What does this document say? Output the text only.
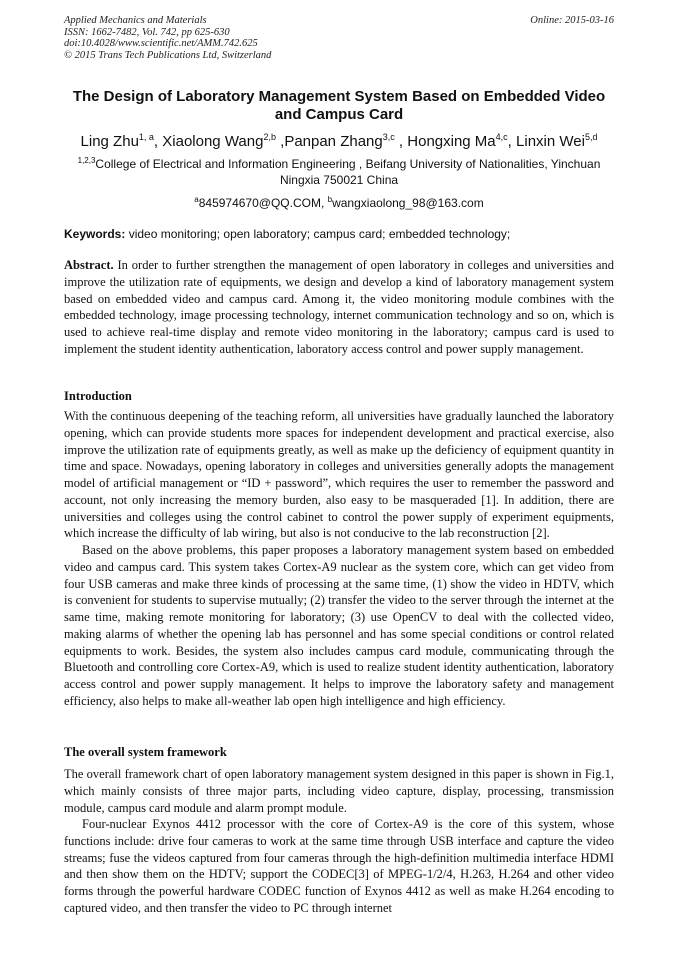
Applied Mechanics and Materials
ISSN: 1662-7482, Vol. 742, pp 625-630
doi:10.4028/www.scientific.net/AMM.742.625
© 2015 Trans Tech Publications Ltd, Switzerland
Online: 2015-03-16
The Design of Laboratory Management System Based on Embedded Video and Campus Card
Ling Zhu$^{1, a}$, Xiaolong Wang$^{2,b}$ ,Panpan Zhang$^{3,c}$ , Hongxing Ma$^{4,c}$, Linxin Wei$^{5,d}$
$^{1,2,3}$College of Electrical and Information Engineering , Beifang University of Nationalities, Yinchuan Ningxia 750021 China
$^a$845974670@QQ.COM, $^b$wangxiaolong_98@163.com
Keywords: video monitoring; open laboratory; campus card; embedded technology;
Abstract. In order to further strengthen the management of open laboratory in colleges and universities and improve the utilization rate of equipments, we design and develop a kind of laboratory management system based on embedded video and campus card. Among it, the video monitoring module combines with the embedded technology, image processing technology, internet communication technology and so on, which is used to achieve real-time display and remote video monitoring in the laboratory; campus card is used to implement the student identity authentication, laboratory access control and power supply management.
Introduction
With the continuous deepening of the teaching reform, all universities have gradually launched the laboratory opening, which can provide students more spaces for independent development and practical exercise, also improve the utilization rate of equipments greatly, as well as make up the deficiency of equipment quantity in time and space. Nowadays, opening laboratory in colleges and universities generally adopts the management model of artificial management or “ID + password”, which requires the user to remember the password and account, not only increasing the memory burden, also easy to be masqueraded [1]. In addition, there are universities and colleges using the control cabinet to control the power supply of experiment equipments, which increase the difficulty of lab wiring, but also is not conducive to the lab reconstruction [2].
Based on the above problems, this paper proposes a laboratory management system based on embedded video and campus card. This system takes Cortex-A9 nuclear as the system core, which can get video from four USB cameras and make three kinds of processing at the same time, (1) show the video in HDTV, which is convenient for students to supervise mutually; (2) transfer the video to the server through the internet at the same time, making remote monitoring for laboratory; (3) use OpenCV to deal with the collected video, making alarms of whether the opening lab has personnel and has some special conditions or control related equipments to work. Besides, the system also includes campus card module, communicating through the Bluetooth and controlling core Cortex-A9, which is used to realize student identity authentication, laboratory access control and power supply management. It helps to improve the laboratory safety and management efficiency, also helps to make all-weather lab open high intelligence and high efficiency.
The overall system framework
The overall framework chart of open laboratory management system designed in this paper is shown in Fig.1, which mainly consists of three major parts, including video capture, display, processing, transmission module, campus card module and alarm prompt module.
Four-nuclear Exynos 4412 processor with the core of Cortex-A9 is the core of this system, whose functions include: drive four cameras to work at the same time through USB interface and capture the video streams; fuse the videos captured from four cameras through the high-definition multimedia interface HDMI and then show them on the HDTV; support the CODEC[3] of MPEG-1/2/4, H.263, H.264 and other video forms through the powerful hardware CODEC function of Exynos 4412 as well as make H.264 encoding to captured video, and then transfer the video to PC through internet
